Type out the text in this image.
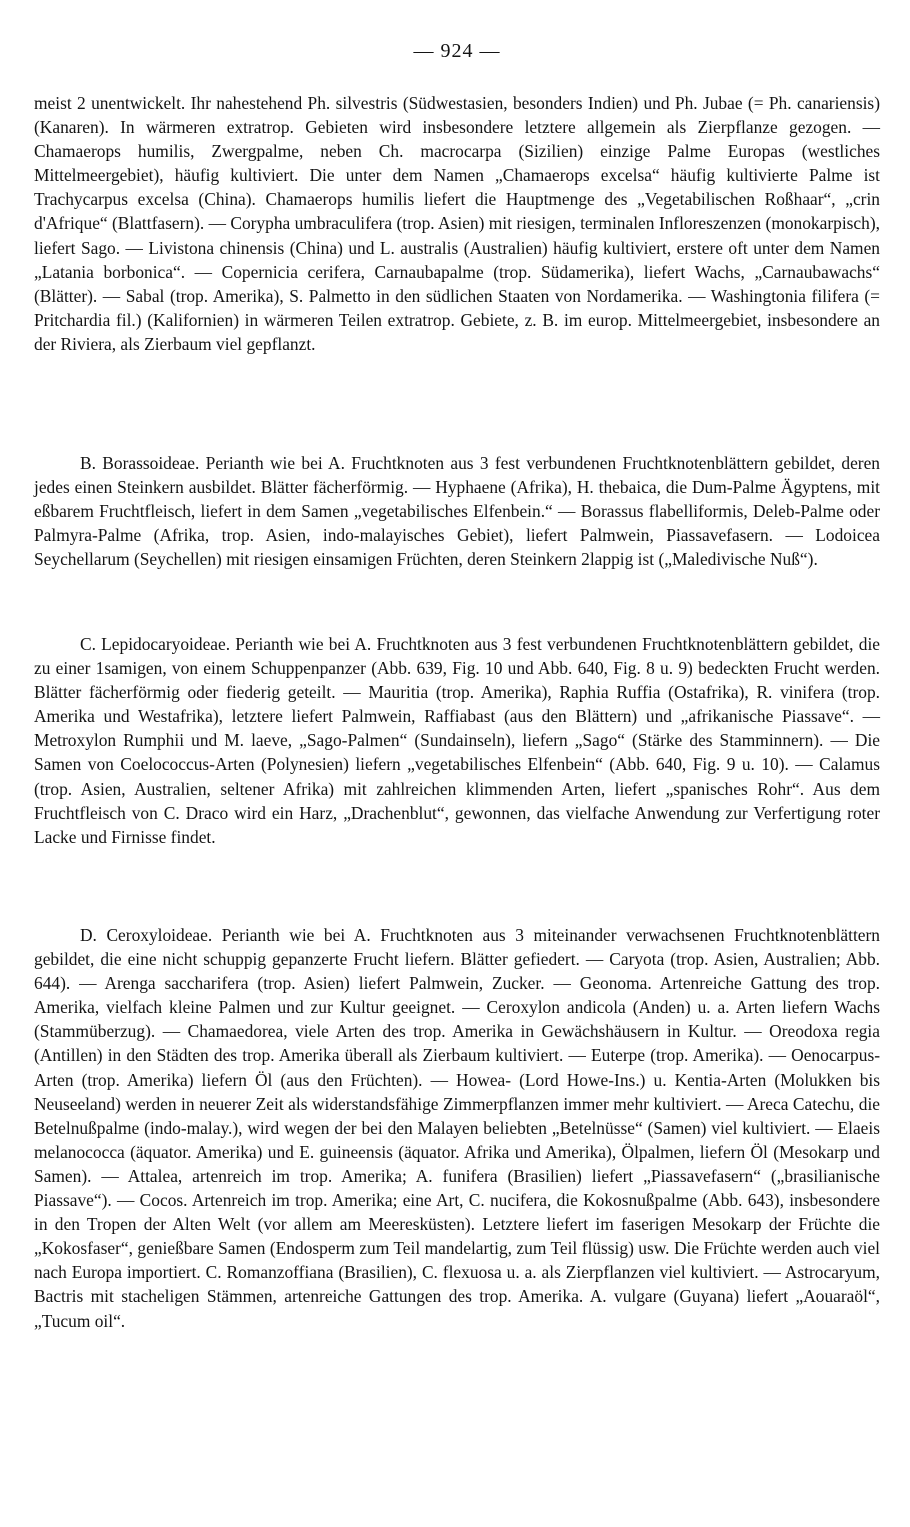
— 924 —

meist 2 unentwickelt. Ihr nahestehend Ph. silvestris (Südwestasien, besonders Indien) und Ph. Jubae (= Ph. canariensis) (Kanaren). In wärmeren extratrop. Gebieten wird insbesondere letztere allgemein als Zierpflanze gezogen. — Chamaerops humilis, Zwergpalme, neben Ch. macrocarpa (Sizilien) einzige Palme Europas (westliches Mittelmeergebiet), häufig kultiviert. Die unter dem Namen „Chamaerops excelsa“ häufig kultivierte Palme ist Trachycarpus excelsa (China). Chamaerops humilis liefert die Hauptmenge des „Vegetabilischen Roßhaar“, „crin d'Afrique“ (Blattfasern). — Corypha umbraculifera (trop. Asien) mit riesigen, terminalen Infloreszenzen (monokarpisch), liefert Sago. — Livistona chinensis (China) und L. australis (Australien) häufig kultiviert, erstere oft unter dem Namen „Latania borbonica“. — Copernicia cerifera, Carnaubapalme (trop. Südamerika), liefert Wachs, „Carnaubawachs“ (Blätter). — Sabal (trop. Amerika), S. Palmetto in den südlichen Staaten von Nordamerika. — Washingtonia filifera (= Pritchardia fil.) (Kalifornien) in wärmeren Teilen extratrop. Gebiete, z. B. im europ. Mittelmeergebiet, insbesondere an der Riviera, als Zierbaum viel gepflanzt.

B. Borassoideae. Perianth wie bei A. Fruchtknoten aus 3 fest verbundenen Fruchtknotenblättern gebildet, deren jedes einen Steinkern ausbildet. Blätter fächerförmig. — Hyphaene (Afrika), H. thebaica, die Dum-Palme Ägyptens, mit eßbarem Fruchtfleisch, liefert in dem Samen „vegetabilisches Elfenbein.“ — Borassus flabelliformis, Deleb-Palme oder Palmyra-Palme (Afrika, trop. Asien, indo-malayisches Gebiet), liefert Palmwein, Piassavefasern. — Lodoicea Seychellarum (Seychellen) mit riesigen einsamigen Früchten, deren Steinkern 2lappig ist („Maledivische Nuß“).

C. Lepidocaryoideae. Perianth wie bei A. Fruchtknoten aus 3 fest verbundenen Fruchtknotenblättern gebildet, die zu einer 1samigen, von einem Schuppenpanzer (Abb. 639, Fig. 10 und Abb. 640, Fig. 8 u. 9) bedeckten Frucht werden. Blätter fächerförmig oder fiederig geteilt. — Mauritia (trop. Amerika), Raphia Ruffia (Ostafrika), R. vinifera (trop. Amerika und Westafrika), letztere liefert Palmwein, Raffiabast (aus den Blättern) und „afrikanische Piassave“. — Metroxylon Rumphii und M. laeve, „Sago-Palmen“ (Sundainseln), liefern „Sago“ (Stärke des Stamminnern). — Die Samen von Coelococcus-Arten (Polynesien) liefern „vegetabilisches Elfenbein“ (Abb. 640, Fig. 9 u. 10). — Calamus (trop. Asien, Australien, seltener Afrika) mit zahlreichen klimmenden Arten, liefert „spanisches Rohr“. Aus dem Fruchtfleisch von C. Draco wird ein Harz, „Drachenblut“, gewonnen, das vielfache Anwendung zur Verfertigung roter Lacke und Firnisse findet.

D. Ceroxyloideae. Perianth wie bei A. Fruchtknoten aus 3 miteinander verwachsenen Fruchtknotenblättern gebildet, die eine nicht schuppig gepanzerte Frucht liefern. Blätter gefiedert. — Caryota (trop. Asien, Australien; Abb. 644). — Arenga saccharifera (trop. Asien) liefert Palmwein, Zucker. — Geonoma. Artenreiche Gattung des trop. Amerika, vielfach kleine Palmen und zur Kultur geeignet. — Ceroxylon andicola (Anden) u. a. Arten liefern Wachs (Stammüberzug). — Chamaedorea, viele Arten des trop. Amerika in Gewächshäusern in Kultur. — Oreodoxa regia (Antillen) in den Städten des trop. Amerika überall als Zierbaum kultiviert. — Euterpe (trop. Amerika). — Oenocarpus-Arten (trop. Amerika) liefern Öl (aus den Früchten). — Howea- (Lord Howe-Ins.) u. Kentia-Arten (Molukken bis Neuseeland) werden in neuerer Zeit als widerstandsfähige Zimmerpflanzen immer mehr kultiviert. — Areca Catechu, die Betelnußpalme (indo-malay.), wird wegen der bei den Malayen beliebten „Betelnüsse“ (Samen) viel kultiviert. — Elaeis melanococca (äquator. Amerika) und E. guineensis (äquator. Afrika und Amerika), Ölpalmen, liefern Öl (Mesokarp und Samen). — Attalea, artenreich im trop. Amerika; A. funifera (Brasilien) liefert „Piassavefasern“ („brasilianische Piassave“). — Cocos. Artenreich im trop. Amerika; eine Art, C. nucifera, die Kokosnußpalme (Abb. 643), insbesondere in den Tropen der Alten Welt (vor allem am Meeresküsten). Letztere liefert im faserigen Mesokarp der Früchte die „Kokosfaser“, genießbare Samen (Endosperm zum Teil mandelartig, zum Teil flüssig) usw. Die Früchte werden auch viel nach Europa importiert. C. Romanzoffiana (Brasilien), C. flexuosa u. a. als Zierpflanzen viel kultiviert. — Astrocaryum, Bactris mit stacheligen Stämmen, artenreiche Gattungen des trop. Amerika. A. vulgare (Guyana) liefert „Aouaraöl“, „Tucum oil“.
